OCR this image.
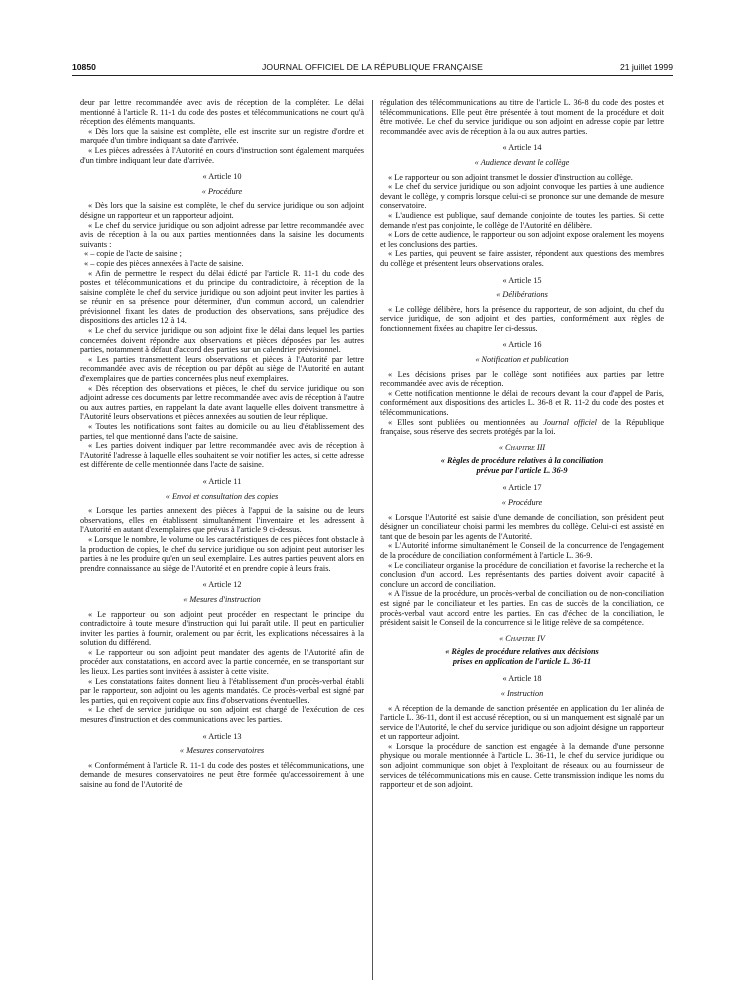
10850	JOURNAL OFFICIEL DE LA RÉPUBLIQUE FRANÇAISE	21 juillet 1999

deur par lettre recommandée avec avis de réception de la compléter. Le délai mentionné à l'article R. 11-1 du code des postes et télécommunications ne court qu'à réception des éléments manquants.

« Dès lors que la saisine est complète, elle est inscrite sur un registre d'ordre et marquée d'un timbre indiquant sa date d'arrivée.

« Les pièces adressées à l'Autorité en cours d'instruction sont également marquées d'un timbre indiquant leur date d'arrivée.

« Article 10
« Procédure

« Dès lors que la saisine est complète, le chef du service juridique ou son adjoint désigne un rapporteur et un rapporteur adjoint.

« Le chef du service juridique ou son adjoint adresse par lettre recommandée avec avis de réception à la ou aux parties mentionnées dans la saisine les documents suivants :

« – copie de l'acte de saisine ;

« – copie des pièces annexées à l'acte de saisine.

« Afin de permettre le respect du délai édicté par l'article R. 11-1 du code des postes et télécommunications et du principe du contradictoire, à réception de la saisine complète le chef du service juridique ou son adjoint peut inviter les parties à se réunir en sa présence pour déterminer, d'un commun accord, un calendrier prévisionnel fixant les dates de production des observations, sans préjudice des dispositions des articles 12 à 14.

« Le chef du service juridique ou son adjoint fixe le délai dans lequel les parties concernées doivent répondre aux observations et pièces déposées par les autres parties, notamment à défaut d'accord des parties sur un calendrier prévisionnel.

« Les parties transmettent leurs observations et pièces à l'Autorité par lettre recommandée avec avis de réception ou par dépôt au siège de l'Autorité en autant d'exemplaires que de parties concernées plus neuf exemplaires.

« Dès réception des observations et pièces, le chef du service juridique ou son adjoint adresse ces documents par lettre recommandée avec avis de réception à l'autre ou aux autres parties, en rappelant la date avant laquelle elles doivent transmettre à l'Autorité leurs observations et pièces annexées au soutien de leur réplique.

« Toutes les notifications sont faites au domicile ou au lieu d'établissement des parties, tel que mentionné dans l'acte de saisine.

« Les parties doivent indiquer par lettre recommandée avec avis de réception à l'Autorité l'adresse à laquelle elles souhaitent se voir notifier les actes, si cette adresse est différente de celle mentionnée dans l'acte de saisine.

« Article 11
« Envoi et consultation des copies

« Lorsque les parties annexent des pièces à l'appui de la saisine ou de leurs observations, elles en établissent simultanément l'inventaire et les adressent à l'Autorité en autant d'exemplaires que prévus à l'article 9 ci-dessus.

« Lorsque le nombre, le volume ou les caractéristiques de ces pièces font obstacle à la production de copies, le chef du service juridique ou son adjoint peut autoriser les parties à ne les produire qu'en un seul exemplaire. Les autres parties peuvent alors en prendre connaissance au siège de l'Autorité et en prendre copie à leurs frais.

« Article 12
« Mesures d'instruction

« Le rapporteur ou son adjoint peut procéder en respectant le principe du contradictoire à toute mesure d'instruction qui lui paraît utile. Il peut en particulier inviter les parties à fournir, oralement ou par écrit, les explications nécessaires à la solution du différend.

« Le rapporteur ou son adjoint peut mandater des agents de l'Autorité afin de procéder aux constatations, en accord avec la partie concernée, en se transportant sur les lieux. Les parties sont invitées à assister à cette visite.

« Les constatations faites donnent lieu à l'établissement d'un procès-verbal établi par le rapporteur, son adjoint ou les agents mandatés. Ce procès-verbal est signé par les parties, qui en reçoivent copie aux fins d'observations éventuelles.

« Le chef de service juridique ou son adjoint est chargé de l'exécution de ces mesures d'instruction et des communications avec les parties.

« Article 13
« Mesures conservatoires

« Conformément à l'article R. 11-1 du code des postes et télécommunications, une demande de mesures conservatoires ne peut être formée qu'accessoirement à une saisine au fond de l'Autorité de

régulation des télécommunications au titre de l'article L. 36-8 du code des postes et télécommunications. Elle peut être présentée à tout moment de la procédure et doit être motivée. Le chef du service juridique ou son adjoint en adresse copie par lettre recommandée avec avis de réception à la ou aux autres parties.

« Article 14
« Audience devant le collège

« Le rapporteur ou son adjoint transmet le dossier d'instruction au collège.

« Le chef du service juridique ou son adjoint convoque les parties à une audience devant le collège, y compris lorsque celui-ci se prononce sur une demande de mesure conservatoire.

« L'audience est publique, sauf demande conjointe de toutes les parties. Si cette demande n'est pas conjointe, le collège de l'Autorité en délibère.

« Lors de cette audience, le rapporteur ou son adjoint expose oralement les moyens et les conclusions des parties.

« Les parties, qui peuvent se faire assister, répondent aux questions des membres du collège et présentent leurs observations orales.

« Article 15
« Délibérations

« Le collège délibère, hors la présence du rapporteur, de son adjoint, du chef du service juridique, de son adjoint et des parties, conformément aux règles de fonctionnement fixées au chapitre Ier ci-dessus.

« Article 16
« Notification et publication

« Les décisions prises par le collège sont notifiées aux parties par lettre recommandée avec avis de réception.

« Cette notification mentionne le délai de recours devant la cour d'appel de Paris, conformément aux dispositions des articles L. 36-8 et R. 11-2 du code des postes et télécommunications.

« Elles sont publiées ou mentionnées au Journal officiel de la République française, sous réserve des secrets protégés par la loi.

« Chapitre III
« Règles de procédure relatives à la conciliation
prévue par l'article L. 36-9
« Article 17
« Procédure

« Lorsque l'Autorité est saisie d'une demande de conciliation, son président peut désigner un conciliateur choisi parmi les membres du collège. Celui-ci est assisté en tant que de besoin par les agents de l'Autorité.

« L'Autorité informe simultanément le Conseil de la concurrence de l'engagement de la procédure de conciliation conformément à l'article L. 36-9.

« Le conciliateur organise la procédure de conciliation et favorise la recherche et la conclusion d'un accord. Les représentants des parties doivent avoir capacité à conclure un accord de conciliation.

« A l'issue de la procédure, un procès-verbal de conciliation ou de non-conciliation est signé par le conciliateur et les parties. En cas de succès de la conciliation, ce procès-verbal vaut accord entre les parties. En cas d'échec de la conciliation, le président saisit le Conseil de la concurrence si le litige relève de sa compétence.

« Chapitre IV
« Règles de procédure relatives aux décisions
prises en application de l'article L. 36-11
« Article 18
« Instruction

« A réception de la demande de sanction présentée en application du 1er alinéa de l'article L. 36-11, dont il est accusé réception, ou si un manquement est signalé par un service de l'Autorité, le chef du service juridique ou son adjoint désigne un rapporteur et un rapporteur adjoint.

« Lorsque la procédure de sanction est engagée à la demande d'une personne physique ou morale mentionnée à l'article L. 36-11, le chef du service juridique ou son adjoint communique son objet à l'exploitant de réseaux ou au fournisseur de services de télécommunications mis en cause. Cette transmission indique les noms du rapporteur et de son adjoint.
